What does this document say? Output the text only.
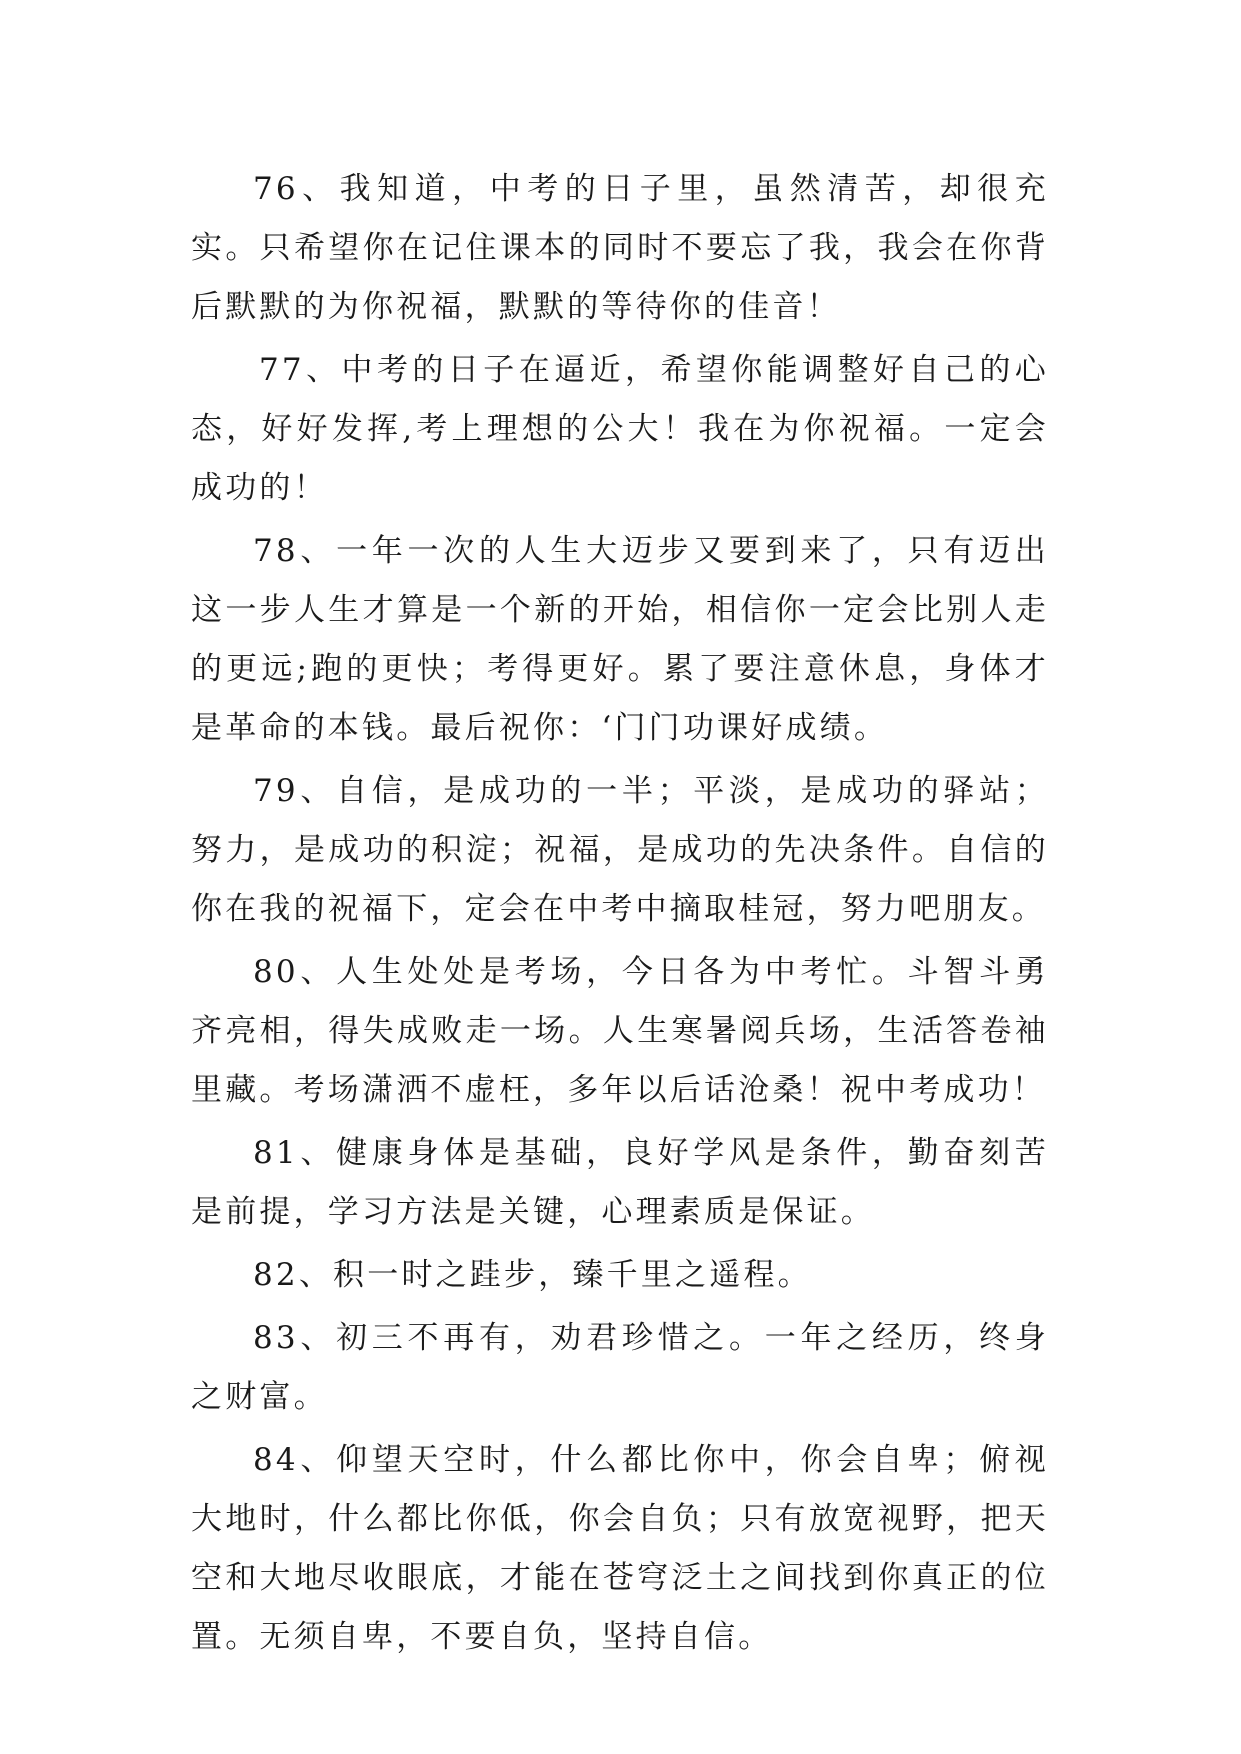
76、我知道，中考的日子里，虽然清苦，却很充实。只希望你在记住课本的同时不要忘了我，我会在你背后默默的为你祝福，默默的等待你的佳音！

77、中考的日子在逼近，希望你能调整好自己的心态，好好发挥,考上理想的公大！我在为你祝福。一定会成功的！

78、一年一次的人生大迈步又要到来了，只有迈出这一步人生才算是一个新的开始，相信你一定会比别人走的更远;跑的更快；考得更好。累了要注意休息，身体才是革命的本钱。最后祝你：‘门门功课好成绩。

79、自信，是成功的一半；平淡，是成功的驿站；努力，是成功的积淀；祝福，是成功的先决条件。自信的你在我的祝福下，定会在中考中摘取桂冠，努力吧朋友。

80、人生处处是考场，今日各为中考忙。斗智斗勇齐亮相，得失成败走一场。人生寒暑阅兵场，生活答卷袖里藏。考场潇洒不虚枉，多年以后话沧桑！祝中考成功！

81、健康身体是基础，良好学风是条件，勤奋刻苦是前提，学习方法是关键，心理素质是保证。

82、积一时之跬步，臻千里之遥程。

83、初三不再有，劝君珍惜之。一年之经历，终身之财富。

84、仰望天空时，什么都比你中，你会自卑；俯视大地时，什么都比你低，你会自负；只有放宽视野，把天空和大地尽收眼底，才能在苍穹泛土之间找到你真正的位置。无须自卑，不要自负，坚持自信。
